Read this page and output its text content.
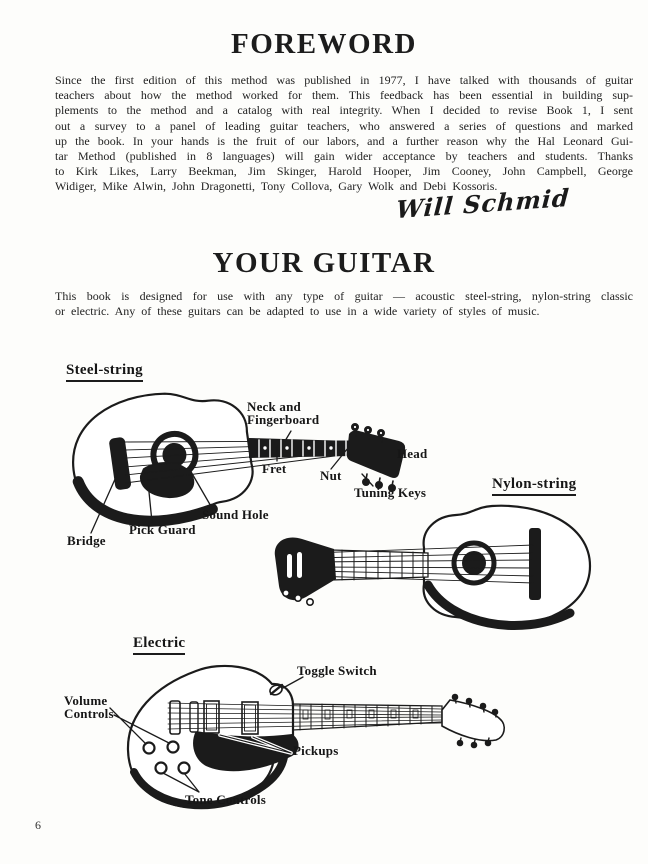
FOREWORD
Since the first edition of this method was published in 1977, I have talked with thousands of guitar
teachers about how the method worked for them. This feedback has been essential in building sup-
plements to the method and a catalog with real integrity. When I decided to revise Book 1, I sent
out a survey to a panel of leading guitar teachers, who answered a series of questions and marked
up the book. In your hands is the fruit of our labors, and a further reason why the Hal Leonard Gui-
tar Method (published in 8 languages) will gain wider acceptance by teachers and students. Thanks
to Kirk Likes, Larry Beekman, Jim Skinger, Harold Hooper, Jim Cooney, John Campbell, George
Widiger, Mike Alwin, John Dragonetti, Tony Collova, Gary Wolk and Debi Kossoris.
Will Schmid
YOUR GUITAR
This book is designed for use with any type of guitar — acoustic steel-string, nylon-string classic
or electric. Any of these guitars can be adapted to use in a wide variety of styles of music.
Steel-string
Nylon-string
Electric
Neck and
Fingerboard
Fret	Nut
Head
Tuning Keys
Sound Hole
Pick Guard
Bridge
Toggle Switch
Volume
Controls
Pickups
Tone Controls
6
